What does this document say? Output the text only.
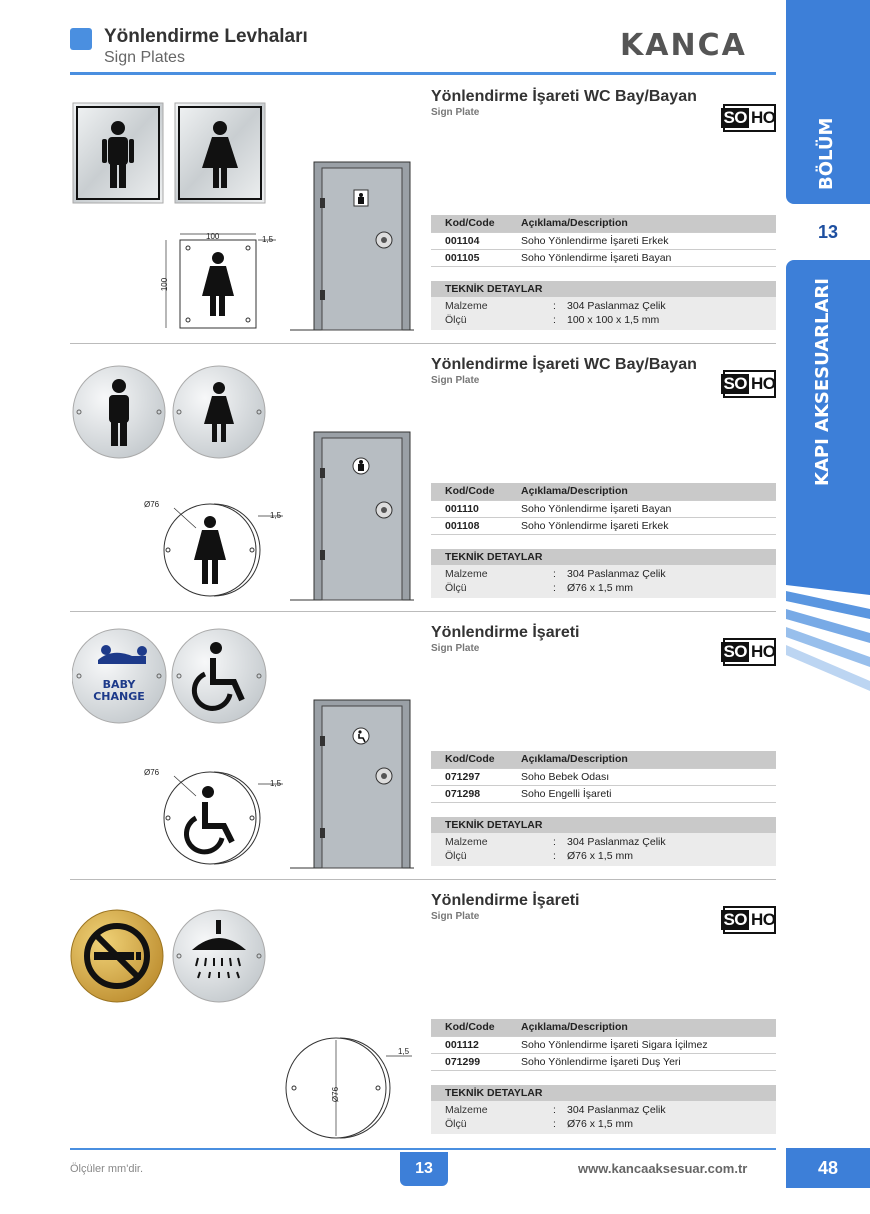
Yönlendirme Levhaları
Sign Plates	KANCA
BÖLÜM
13
KAPI AKSESUARLARI
100	1,5
100
Yönlendirme İşareti WC Bay/Bayan
Sign Plate	SO HO
Kod/Code	Açıklama/Description
001104	Soho Yönlendirme İşareti Erkek
001105	Soho Yönlendirme İşareti Bayan
TEKNİK DETAYLAR
Malzeme	:	304 Paslanmaz Çelik
Ölçü	:	100 x 100 x 1,5 mm
Ø76
1,5
Yönlendirme İşareti WC Bay/Bayan
Sign Plate	SO HO
Kod/Code	Açıklama/Description
001110	Soho Yönlendirme İşareti Bayan
001108	Soho Yönlendirme İşareti Erkek
TEKNİK DETAYLAR
Malzeme	:	304 Paslanmaz Çelik
Ölçü	:	Ø76 x 1,5 mm
BABY
CHANGE
Ø76
1,5
Yönlendirme İşareti
Sign Plate	SO HO
Kod/Code	Açıklama/Description
071297	Soho Bebek Odası
071298	Soho Engelli İşareti
TEKNİK DETAYLAR
Malzeme	:	304 Paslanmaz Çelik
Ölçü	:	Ø76 x 1,5 mm
Ø76
1,5
Yönlendirme İşareti
Sign Plate	SO HO
Kod/Code	Açıklama/Description
001112	Soho Yönlendirme İşareti Sigara İçilmez
071299	Soho Yönlendirme İşareti Duş Yeri
TEKNİK DETAYLAR
Malzeme	:	304 Paslanmaz Çelik
Ölçü	:	Ø76 x 1,5 mm
Ölçüler mm'dir.	13	www.kancaaksesuar.com.tr	48
